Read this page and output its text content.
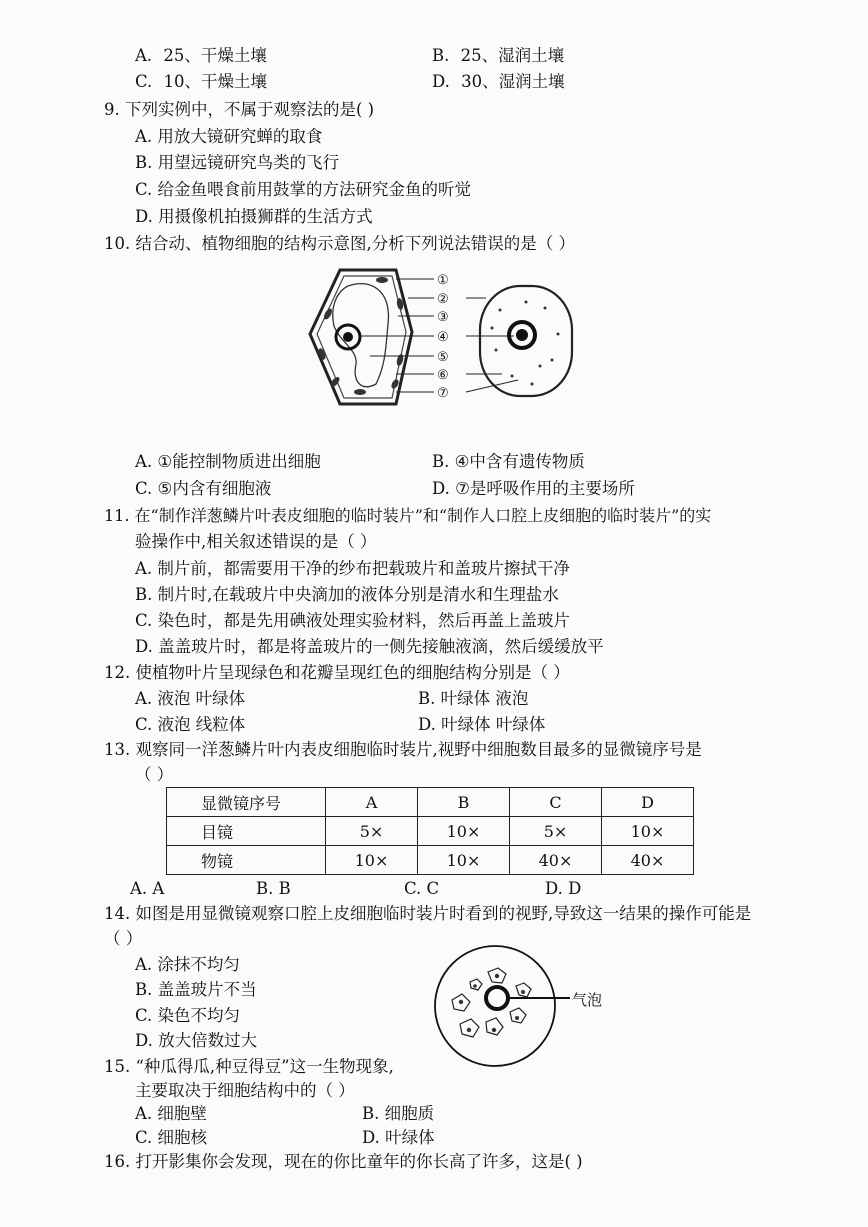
A. 25、干燥土壤	B. 25、湿润土壤
C. 10、干燥土壤	D. 30、湿润土壤
9. 下列实例中，不属于观察法的是( )
A. 用放大镜研究蝉的取食
B. 用望远镜研究鸟类的飞行
C. 给金鱼喂食前用鼓掌的方法研究金鱼的听觉
D. 用摄像机拍摄狮群的生活方式
10. 结合动、植物细胞的结构示意图,分析下列说法错误的是（ ）
①
②
③
④
⑤
⑥
⑦
A. ①能控制物质进出细胞	B. ④中含有遗传物质
C. ⑤内含有细胞液	D. ⑦是呼吸作用的主要场所
11. 在“制作洋葱鳞片叶表皮细胞的临时装片”和“制作人口腔上皮细胞的临时装片”的实
验操作中,相关叙述错误的是（ ）
A. 制片前，都需要用干净的纱布把载玻片和盖玻片擦拭干净
B. 制片时,在载玻片中央滴加的液体分别是清水和生理盐水
C. 染色时，都是先用碘液处理实验材料，然后再盖上盖玻片
D. 盖盖玻片时，都是将盖玻片的一侧先接触液滴，然后缓缓放平
12. 使植物叶片呈现绿色和花瓣呈现红色的细胞结构分别是（ ）
A. 液泡 叶绿体	B. 叶绿体 液泡
C. 液泡 线粒体	D. 叶绿体 叶绿体
13. 观察同一洋葱鳞片叶内表皮细胞临时装片,视野中细胞数目最多的显微镜序号是
（ ）
显微镜序号	A	B	C	D
目镜	5×	10×	5×	10×
物镜	10×	10×	40×	40×
A. A	B. B	C. C	D. D
14. 如图是用显微镜观察口腔上皮细胞临时装片时看到的视野,导致这一结果的操作可能是
（ ）
A. 涂抹不均匀
B. 盖盖玻片不当
C. 染色不均匀
D. 放大倍数过大
气泡
15. “种瓜得瓜,种豆得豆”这一生物现象,
主要取决于细胞结构中的（ ）
A. 细胞壁	B. 细胞质
C. 细胞核	D. 叶绿体
16. 打开影集你会发现，现在的你比童年的你长高了许多，这是( )
